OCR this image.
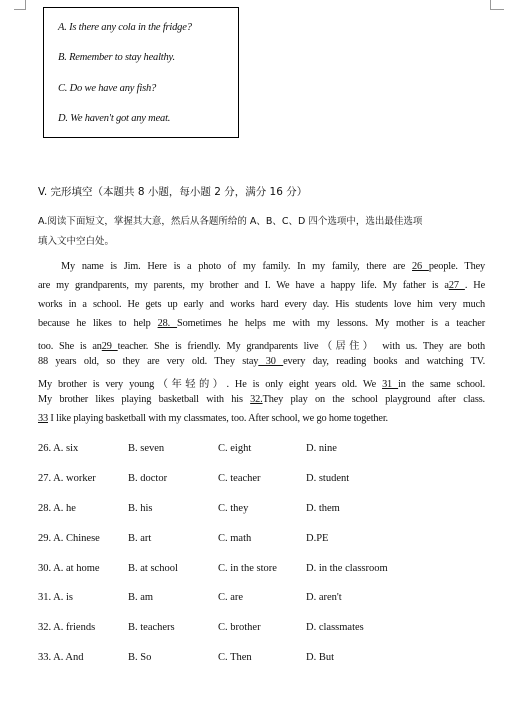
A. Is there any cola in the fridge?
B. Remember to stay healthy.
C. Do we have any fish?
D. We haven't got any meat.
V. 完形填空（本题共 8 小题，每小题 2 分，满分 16 分）
A.阅读下面短文，掌握其大意，然后从各题所给的 A、B、C、D 四个选项中，选出最佳选项
填入文中空白处。
My name is Jim. Here is a photo of my family. In my family, there are 26 people. They
are my grandparents, my parents, my brother and I. We have a happy life. My father is a27 . He
works in a school. He gets up early and works hard every day. His students love him very much
because he likes to help 28. Sometimes he helps me with my lessons. My mother is a teacher
too. She is an29 teacher. She is friendly. My grandparents live（居住） with us. They are both
88 years old, so they are very old. They stay 30 every day, reading books and watching TV.
My brother is very young（年轻的）. He is only eight years old. We 31 in the same school.
My brother likes playing basketball with his 32.They play on the school playground after class.
33 I like playing basketball with my classmates, too. After school, we go home together.
26. A. six	B. seven	C. eight	D. nine
27. A. worker	B. doctor	C. teacher	D. student
28. A. he	B. his	C. they	D. them
29. A. Chinese	B. art	C. math	D.PE
30. A. at home	B. at school	C. in the store	D. in the classroom
31. A. is	B. am	C. are	D. aren't
32. A. friends	B. teachers	C. brother	D. classmates
33. A. And	B. So	C. Then	D. But
